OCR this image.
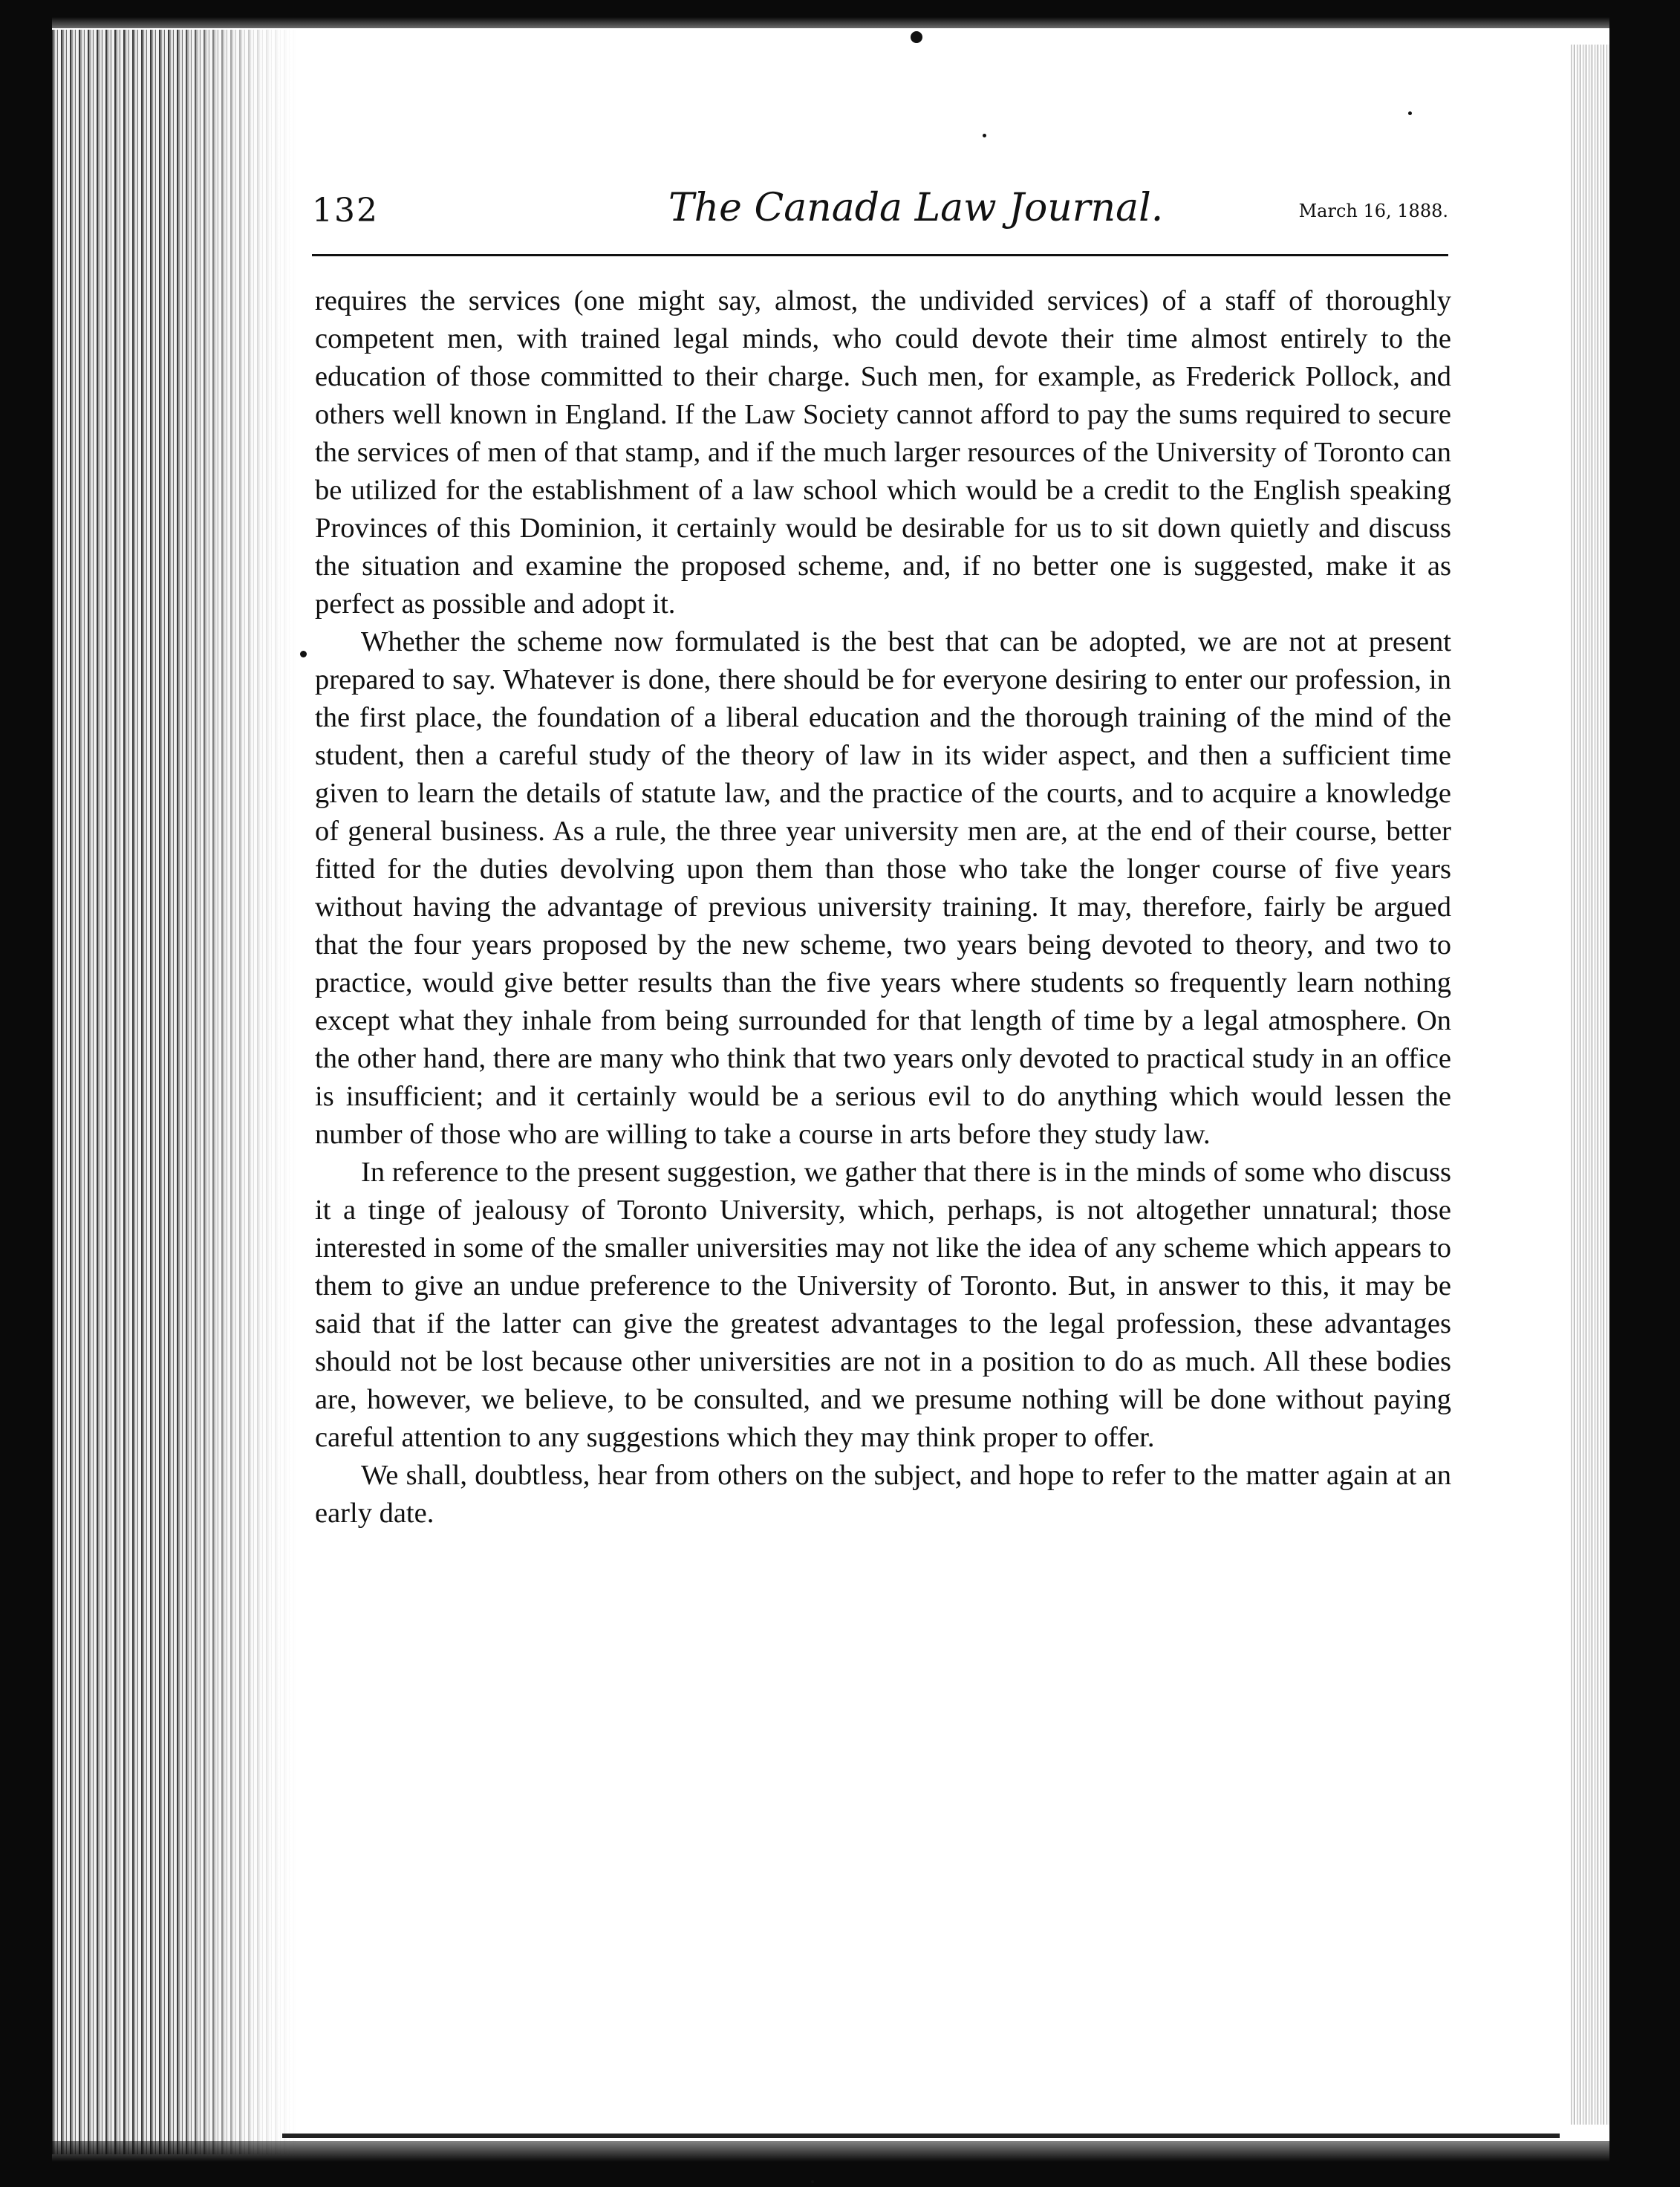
132	The Canada Law Journal.	March 16, 1888.

requires the services (one might say, almost, the undivided services) of a staff of thoroughly competent men, with trained legal minds, who could devote their time almost entirely to the education of those committed to their charge. Such men, for example, as Frederick Pollock, and others well known in England. If the Law Society cannot afford to pay the sums required to secure the services of men of that stamp, and if the much larger resources of the University of Toronto can be utilized for the establishment of a law school which would be a credit to the English speaking Provinces of this Dominion, it certainly would be desirable for us to sit down quietly and discuss the situation and examine the proposed scheme, and, if no better one is suggested, make it as perfect as possible and adopt it.

Whether the scheme now formulated is the best that can be adopted, we are not at present prepared to say. Whatever is done, there should be for everyone desiring to enter our profession, in the first place, the foundation of a liberal education and the thorough training of the mind of the student, then a careful study of the theory of law in its wider aspect, and then a sufficient time given to learn the details of statute law, and the practice of the courts, and to acquire a knowledge of general business. As a rule, the three year university men are, at the end of their course, better fitted for the duties devolving upon them than those who take the longer course of five years without having the advantage of previous university training. It may, therefore, fairly be argued that the four years proposed by the new scheme, two years being devoted to theory, and two to practice, would give better results than the five years where students so frequently learn nothing except what they inhale from being surrounded for that length of time by a legal atmosphere. On the other hand, there are many who think that two years only devoted to practical study in an office is insufficient; and it certainly would be a serious evil to do anything which would lessen the number of those who are willing to take a course in arts before they study law.

In reference to the present suggestion, we gather that there is in the minds of some who discuss it a tinge of jealousy of Toronto University, which, perhaps, is not altogether unnatural; those interested in some of the smaller universities may not like the idea of any scheme which appears to them to give an undue preference to the University of Toronto. But, in answer to this, it may be said that if the latter can give the greatest advantages to the legal profession, these advantages should not be lost because other universities are not in a position to do as much. All these bodies are, however, we believe, to be consulted, and we presume nothing will be done without paying careful attention to any suggestions which they may think proper to offer.

We shall, doubtless, hear from others on the subject, and hope to refer to the matter again at an early date.
